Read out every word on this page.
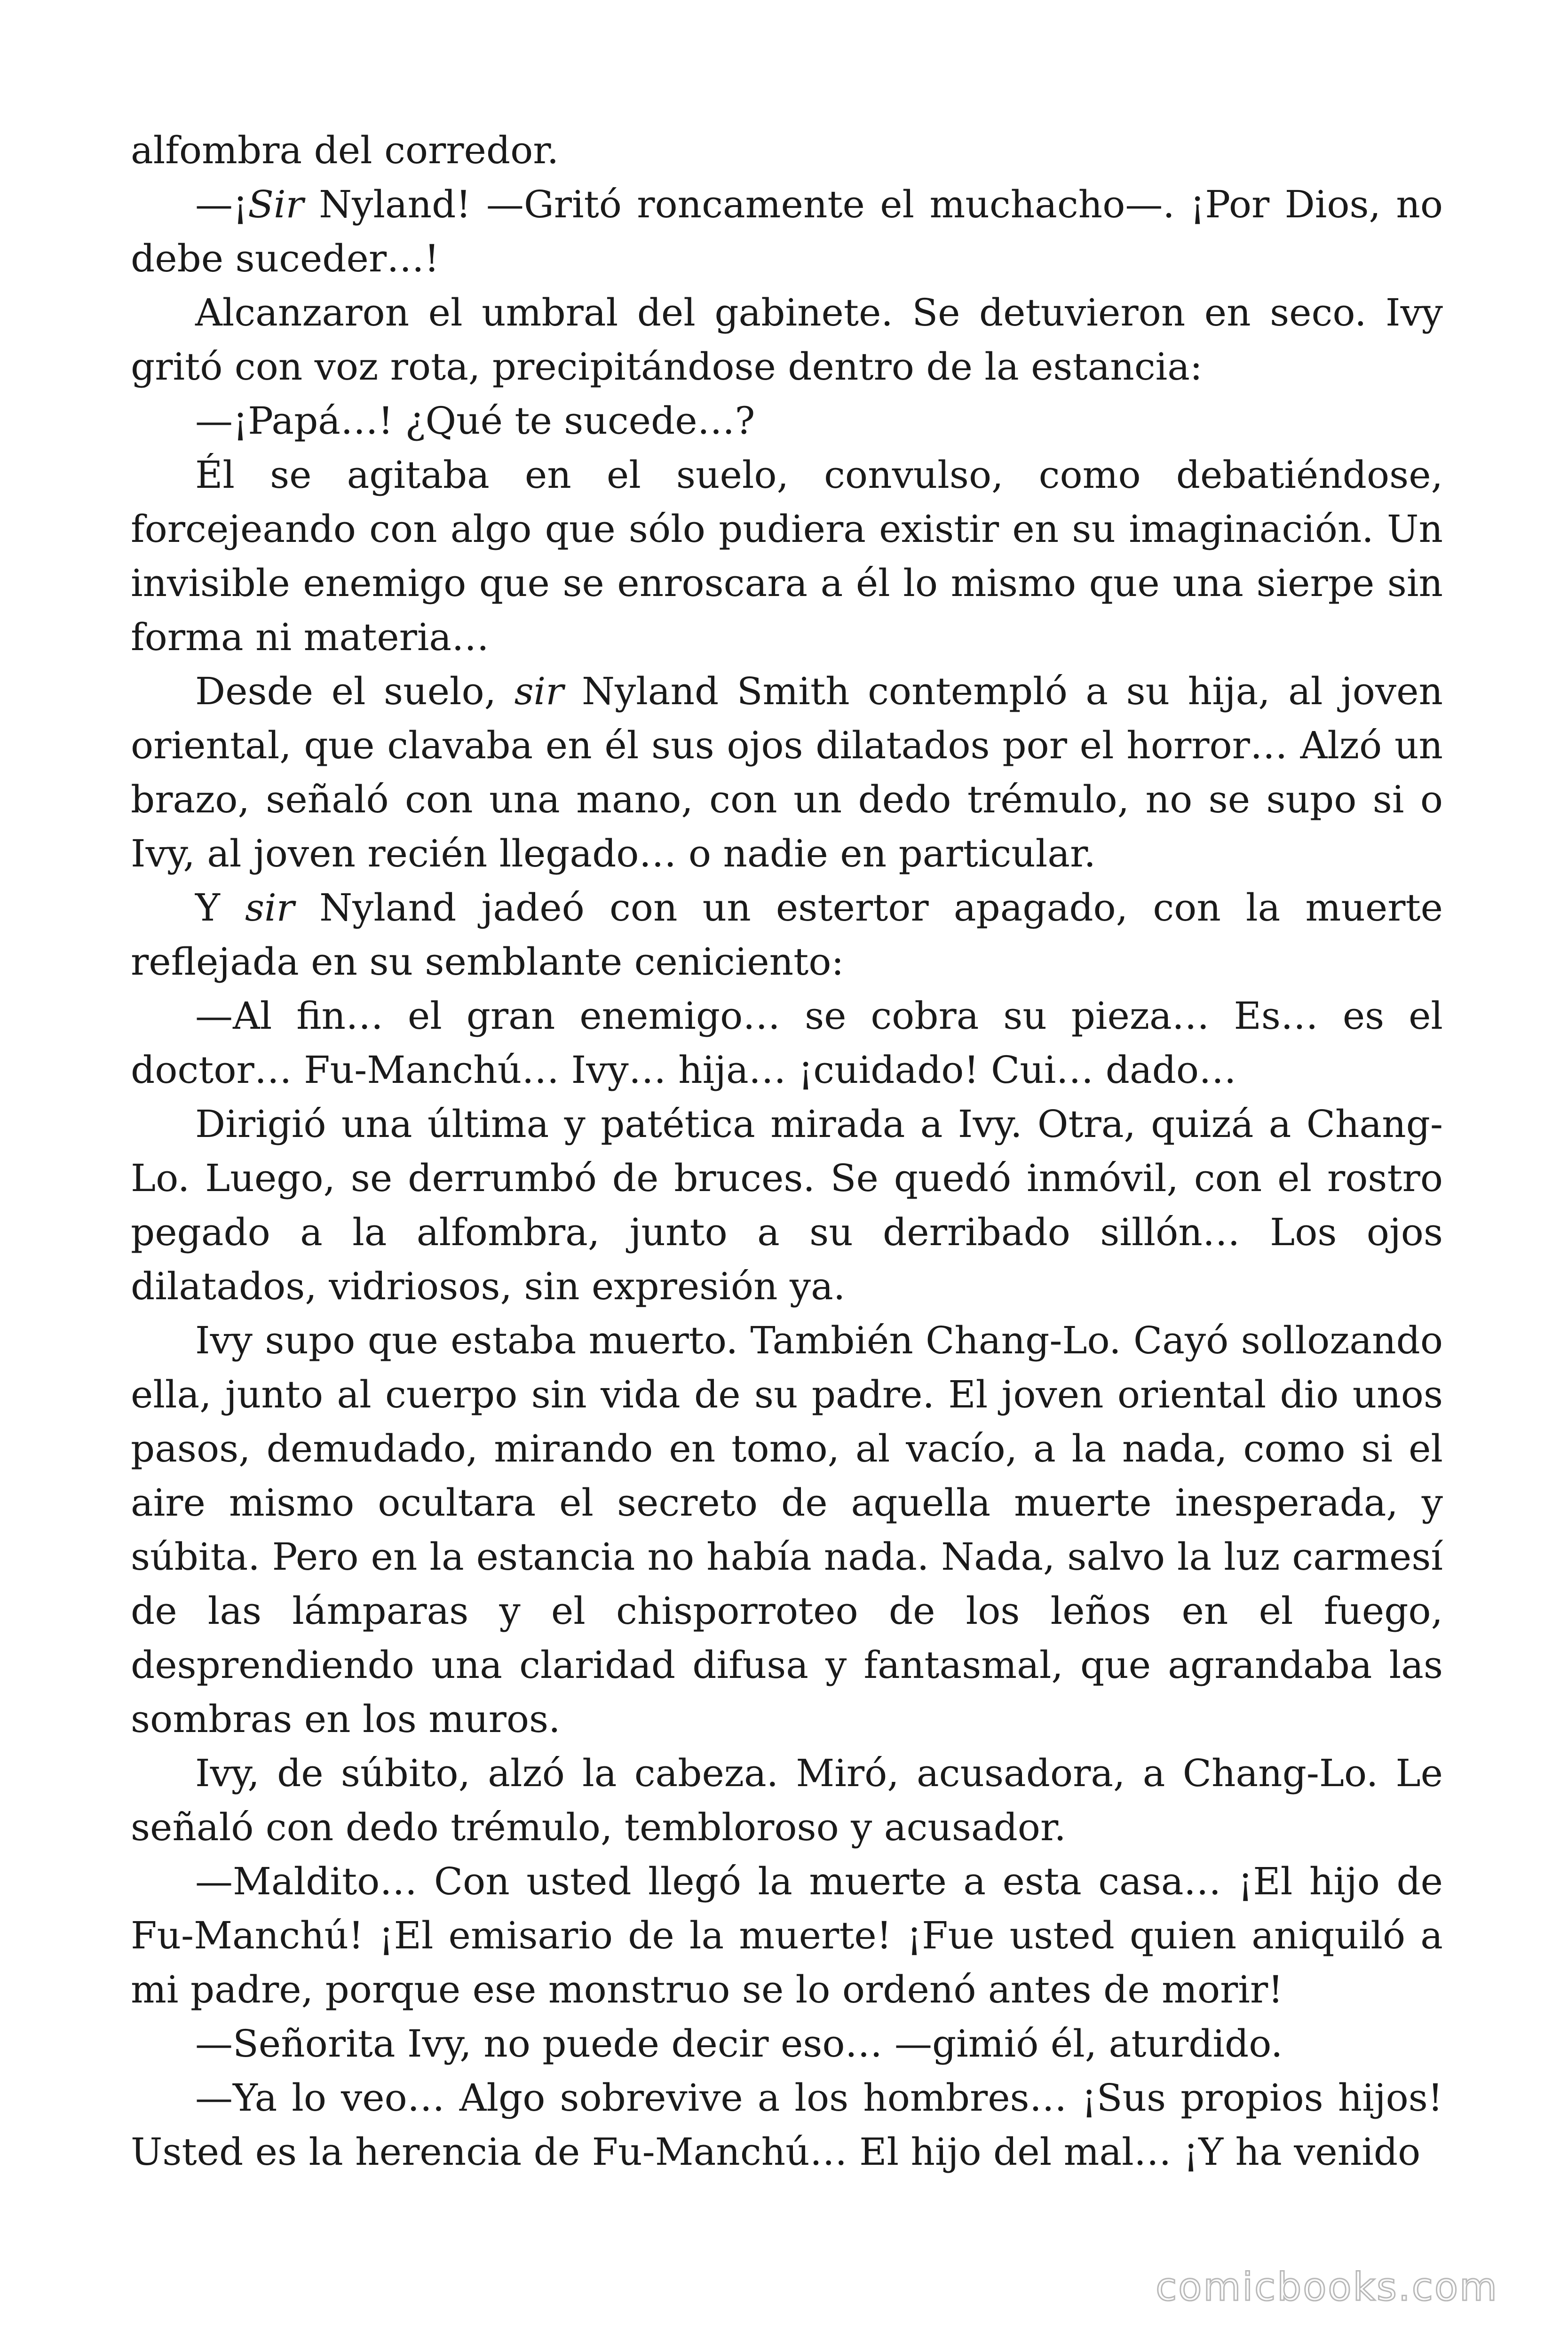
alfombra del corredor.

—¡Sir Nyland! —Gritó roncamente el muchacho—. ¡Por Dios, no debe suceder…!

Alcanzaron el umbral del gabinete. Se detuvieron en seco. Ivy gritó con voz rota, precipitándose dentro de la estancia:

—¡Papá…! ¿Qué te sucede…?

Él se agitaba en el suelo, convulso, como debatiéndose, forcejeando con algo que sólo pudiera existir en su imaginación. Un invisible enemigo que se enroscara a él lo mismo que una sierpe sin forma ni materia…

Desde el suelo, sir Nyland Smith contempló a su hija, al joven oriental, que clavaba en él sus ojos dilatados por el horror… Alzó un brazo, señaló con una mano, con un dedo trémulo, no se supo si o Ivy, al joven recién llegado… o nadie en particular.

Y sir Nyland jadeó con un estertor apagado, con la muerte reflejada en su semblante ceniciento:

—Al fin… el gran enemigo… se cobra su pieza… Es… es el doctor… Fu-Manchú… Ivy… hija… ¡cuidado! Cui… dado…

Dirigió una última y patética mirada a Ivy. Otra, quizá a Chang-Lo. Luego, se derrumbó de bruces. Se quedó inmóvil, con el rostro pegado a la alfombra, junto a su derribado sillón… Los ojos dilatados, vidriosos, sin expresión ya.

Ivy supo que estaba muerto. También Chang-Lo. Cayó sollozando ella, junto al cuerpo sin vida de su padre. El joven oriental dio unos pasos, demudado, mirando en tomo, al vacío, a la nada, como si el aire mismo ocultara el secreto de aquella muerte inesperada, y súbita. Pero en la estancia no había nada. Nada, salvo la luz carmesí de las lámparas y el chisporroteo de los leños en el fuego, desprendiendo una claridad difusa y fantasmal, que agrandaba las sombras en los muros.

Ivy, de súbito, alzó la cabeza. Miró, acusadora, a Chang-Lo. Le señaló con dedo trémulo, tembloroso y acusador.

—Maldito… Con usted llegó la muerte a esta casa… ¡El hijo de Fu-Manchú! ¡El emisario de la muerte! ¡Fue usted quien aniquiló a mi padre, porque ese monstruo se lo ordenó antes de morir!

—Señorita Ivy, no puede decir eso… —gimió él, aturdido.

—Ya lo veo… Algo sobrevive a los hombres… ¡Sus propios hijos! Usted es la herencia de Fu-Manchú… El hijo del mal… ¡Y ha venido

comicbooks.com
